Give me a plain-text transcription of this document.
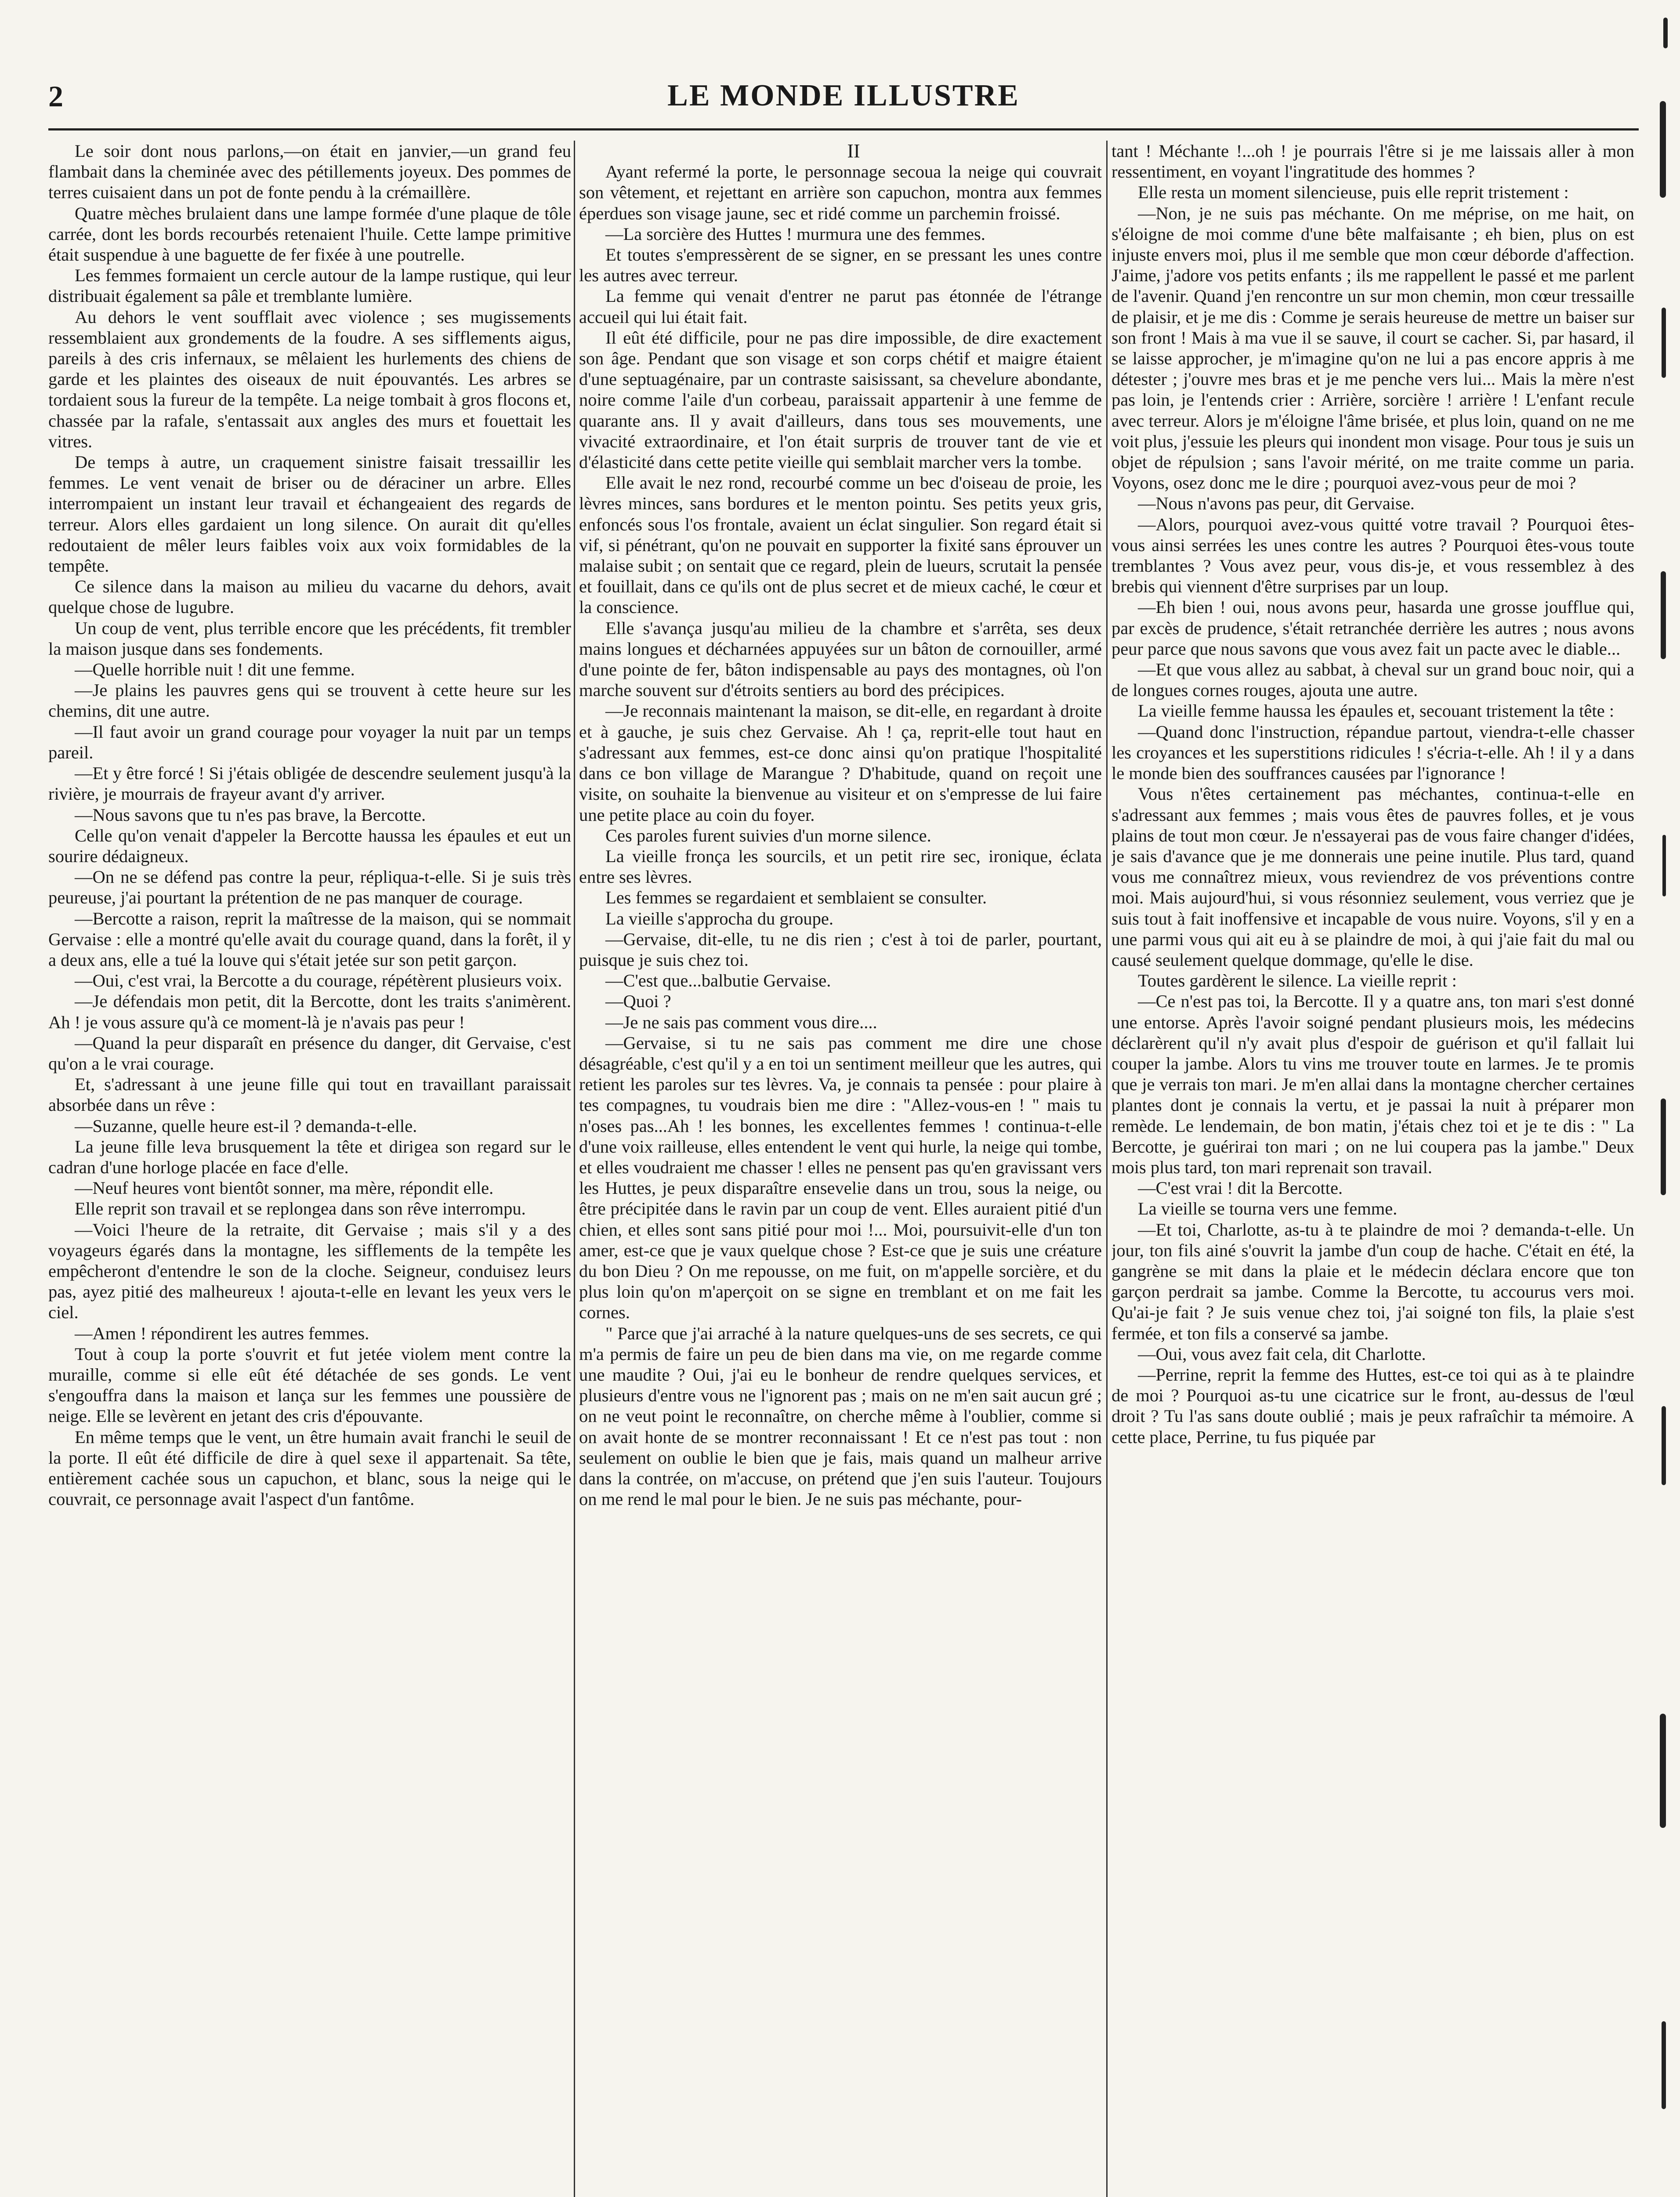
2	LE MONDE ILLUSTRE

Le soir dont nous parlons,—on était en janvier,—un grand feu flambait dans la cheminée avec des pétillements joyeux. Des pommes de terres cuisaient dans un pot de fonte pendu à la crémaillère.

Quatre mèches brulaient dans une lampe formée d'une plaque de tôle carrée, dont les bords recourbés retenaient l'huile. Cette lampe primitive était suspendue à une baguette de fer fixée à une poutrelle.

Les femmes formaient un cercle autour de la lampe rustique, qui leur distribuait également sa pâle et tremblante lumière.

Au dehors le vent soufflait avec violence ; ses mugissements ressemblaient aux grondements de la foudre. A ses sifflements aigus, pareils à des cris infernaux, se mêlaient les hurlements des chiens de garde et les plaintes des oiseaux de nuit épouvantés. Les arbres se tordaient sous la fureur de la tempête. La neige tombait à gros flocons et, chassée par la rafale, s'entassait aux angles des murs et fouettait les vitres.

De temps à autre, un craquement sinistre faisait tressaillir les femmes. Le vent venait de briser ou de déraciner un arbre. Elles interrompaient un instant leur travail et échangeaient des regards de terreur. Alors elles gardaient un long silence. On aurait dit qu'elles redoutaient de mêler leurs faibles voix aux voix formidables de la tempête.

Ce silence dans la maison au milieu du vacarne du dehors, avait quelque chose de lugubre.

Un coup de vent, plus terrible encore que les précédents, fit trembler la maison jusque dans ses fondements.

—Quelle horrible nuit ! dit une femme.

—Je plains les pauvres gens qui se trouvent à cette heure sur les chemins, dit une autre.

—Il faut avoir un grand courage pour voyager la nuit par un temps pareil.

—Et y être forcé ! Si j'étais obligée de descendre seulement jusqu'à la rivière, je mourrais de frayeur avant d'y arriver.

—Nous savons que tu n'es pas brave, la Bercotte.

Celle qu'on venait d'appeler la Bercotte haussa les épaules et eut un sourire dédaigneux.

—On ne se défend pas contre la peur, répliqua-t-elle. Si je suis très peureuse, j'ai pourtant la prétention de ne pas manquer de courage.

—Bercotte a raison, reprit la maîtresse de la maison, qui se nommait Gervaise : elle a montré qu'elle avait du courage quand, dans la forêt, il y a deux ans, elle a tué la louve qui s'était jetée sur son petit garçon.

—Oui, c'est vrai, la Bercotte a du courage, répétèrent plusieurs voix.

—Je défendais mon petit, dit la Bercotte, dont les traits s'animèrent. Ah ! je vous assure qu'à ce moment-là je n'avais pas peur !

—Quand la peur disparaît en présence du danger, dit Gervaise, c'est qu'on a le vrai courage.

Et, s'adressant à une jeune fille qui tout en travaillant paraissait absorbée dans un rêve :

—Suzanne, quelle heure est-il ? demanda-t-elle.

La jeune fille leva brusquement la tête et dirigea son regard sur le cadran d'une horloge placée en face d'elle.

—Neuf heures vont bientôt sonner, ma mère, répondit elle.

Elle reprit son travail et se replongea dans son rêve interrompu.

—Voici l'heure de la retraite, dit Gervaise ; mais s'il y a des voyageurs égarés dans la montagne, les sifflements de la tempête les empêcheront d'entendre le son de la cloche. Seigneur, conduisez leurs pas, ayez pitié des malheureux ! ajouta-t-elle en levant les yeux vers le ciel.

—Amen ! répondirent les autres femmes.

Tout à coup la porte s'ouvrit et fut jetée violem ment contre la muraille, comme si elle eût été détachée de ses gonds. Le vent s'engouffra dans la maison et lança sur les femmes une poussière de neige. Elle se levèrent en jetant des cris d'épouvante.

En même temps que le vent, un être humain avait franchi le seuil de la porte. Il eût été difficile de dire à quel sexe il appartenait. Sa tête, entièrement cachée sous un capuchon, et blanc, sous la neige qui le couvrait, ce personnage avait l'aspect d'un fantôme.

II

Ayant refermé la porte, le personnage secoua la neige qui couvrait son vêtement, et rejettant en arrière son capuchon, montra aux femmes éperdues son visage jaune, sec et ridé comme un parchemin froissé.

—La sorcière des Huttes ! murmura une des femmes.

Et toutes s'empressèrent de se signer, en se pressant les unes contre les autres avec terreur.

La femme qui venait d'entrer ne parut pas étonnée de l'étrange accueil qui lui était fait.

Il eût été difficile, pour ne pas dire impossible, de dire exactement son âge. Pendant que son visage et son corps chétif et maigre étaient d'une septuagénaire, par un contraste saisissant, sa chevelure abondante, noire comme l'aile d'un corbeau, paraissait appartenir à une femme de quarante ans. Il y avait d'ailleurs, dans tous ses mouvements, une vivacité extraordinaire, et l'on était surpris de trouver tant de vie et d'élasticité dans cette petite vieille qui semblait marcher vers la tombe.

Elle avait le nez rond, recourbé comme un bec d'oiseau de proie, les lèvres minces, sans bordures et le menton pointu. Ses petits yeux gris, enfoncés sous l'os frontale, avaient un éclat singulier. Son regard était si vif, si pénétrant, qu'on ne pouvait en supporter la fixité sans éprouver un malaise subit ; on sentait que ce regard, plein de lueurs, scrutait la pensée et fouillait, dans ce qu'ils ont de plus secret et de mieux caché, le cœur et la conscience.

Elle s'avança jusqu'au milieu de la chambre et s'arrêta, ses deux mains longues et décharnées appuyées sur un bâton de cornouiller, armé d'une pointe de fer, bâton indispensable au pays des montagnes, où l'on marche souvent sur d'étroits sentiers au bord des précipices.

—Je reconnais maintenant la maison, se dit-elle, en regardant à droite et à gauche, je suis chez Gervaise. Ah ! ça, reprit-elle tout haut en s'adressant aux femmes, est-ce donc ainsi qu'on pratique l'hospitalité dans ce bon village de Marangue ? D'habitude, quand on reçoit une visite, on souhaite la bienvenue au visiteur et on s'empresse de lui faire une petite place au coin du foyer.

Ces paroles furent suivies d'un morne silence.

La vieille fronça les sourcils, et un petit rire sec, ironique, éclata entre ses lèvres.

Les femmes se regardaient et semblaient se consulter.

La vieille s'approcha du groupe.

—Gervaise, dit-elle, tu ne dis rien ; c'est à toi de parler, pourtant, puisque je suis chez toi.

—C'est que...balbutie Gervaise.

—Quoi ?

—Je ne sais pas comment vous dire....

—Gervaise, si tu ne sais pas comment me dire une chose désagréable, c'est qu'il y a en toi un sentiment meilleur que les autres, qui retient les paroles sur tes lèvres. Va, je connais ta pensée : pour plaire à tes compagnes, tu voudrais bien me dire : "Allez-vous-en ! " mais tu n'oses pas...Ah ! les bonnes, les excellentes femmes ! continua-t-elle d'une voix railleuse, elles entendent le vent qui hurle, la neige qui tombe, et elles voudraient me chasser ! elles ne pensent pas qu'en gravissant vers les Huttes, je peux disparaître ensevelie dans un trou, sous la neige, ou être précipitée dans le ravin par un coup de vent. Elles auraient pitié d'un chien, et elles sont sans pitié pour moi !... Moi, poursuivit-elle d'un ton amer, est-ce que je vaux quelque chose ? Est-ce que je suis une créature du bon Dieu ? On me repousse, on me fuit, on m'appelle sorcière, et du plus loin qu'on m'aperçoit on se signe en tremblant et on me fait les cornes.

" Parce que j'ai arraché à la nature quelques-uns de ses secrets, ce qui m'a permis de faire un peu de bien dans ma vie, on me regarde comme une maudite ? Oui, j'ai eu le bonheur de rendre quelques services, et plusieurs d'entre vous ne l'ignorent pas ; mais on ne m'en sait aucun gré ; on ne veut point le reconnaître, on cherche même à l'oublier, comme si on avait honte de se montrer reconnaissant ! Et ce n'est pas tout : non seulement on oublie le bien que je fais, mais quand un malheur arrive dans la contrée, on m'accuse, on prétend que j'en suis l'auteur. Toujours on me rend le mal pour le bien. Je ne suis pas méchante, pour-

tant ! Méchante !...oh ! je pourrais l'être si je me laissais aller à mon ressentiment, en voyant l'ingratitude des hommes ?

Elle resta un moment silencieuse, puis elle reprit tristement :

—Non, je ne suis pas méchante. On me méprise, on me hait, on s'éloigne de moi comme d'une bête malfaisante ; eh bien, plus on est injuste envers moi, plus il me semble que mon cœur déborde d'affection. J'aime, j'adore vos petits enfants ; ils me rappellent le passé et me parlent de l'avenir. Quand j'en rencontre un sur mon chemin, mon cœur tressaille de plaisir, et je me dis : Comme je serais heureuse de mettre un baiser sur son front ! Mais à ma vue il se sauve, il court se cacher. Si, par hasard, il se laisse approcher, je m'imagine qu'on ne lui a pas encore appris à me détester ; j'ouvre mes bras et je me penche vers lui... Mais la mère n'est pas loin, je l'entends crier : Arrière, sorcière ! arrière ! L'enfant recule avec terreur. Alors je m'éloigne l'âme brisée, et plus loin, quand on ne me voit plus, j'essuie les pleurs qui inondent mon visage. Pour tous je suis un objet de répulsion ; sans l'avoir mérité, on me traite comme un paria. Voyons, osez donc me le dire ; pourquoi avez-vous peur de moi ?

—Nous n'avons pas peur, dit Gervaise.

—Alors, pourquoi avez-vous quitté votre travail ? Pourquoi êtes-vous ainsi serrées les unes contre les autres ? Pourquoi êtes-vous toute tremblantes ? Vous avez peur, vous dis-je, et vous ressemblez à des brebis qui viennent d'être surprises par un loup.

—Eh bien ! oui, nous avons peur, hasarda une grosse joufflue qui, par excès de prudence, s'était retranchée derrière les autres ; nous avons peur parce que nous savons que vous avez fait un pacte avec le diable...

—Et que vous allez au sabbat, à cheval sur un grand bouc noir, qui a de longues cornes rouges, ajouta une autre.

La vieille femme haussa les épaules et, secouant tristement la tête :

—Quand donc l'instruction, répandue partout, viendra-t-elle chasser les croyances et les superstitions ridicules ! s'écria-t-elle. Ah ! il y a dans le monde bien des souffrances causées par l'ignorance !

Vous n'êtes certainement pas méchantes, continua-t-elle en s'adressant aux femmes ; mais vous êtes de pauvres folles, et je vous plains de tout mon cœur. Je n'essayerai pas de vous faire changer d'idées, je sais d'avance que je me donnerais une peine inutile. Plus tard, quand vous me connaîtrez mieux, vous reviendrez de vos préventions contre moi. Mais aujourd'hui, si vous résonniez seulement, vous verriez que je suis tout à fait inoffensive et incapable de vous nuire. Voyons, s'il y en a une parmi vous qui ait eu à se plaindre de moi, à qui j'aie fait du mal ou causé seulement quelque dommage, qu'elle le dise.

Toutes gardèrent le silence. La vieille reprit :

—Ce n'est pas toi, la Bercotte. Il y a quatre ans, ton mari s'est donné une entorse. Après l'avoir soigné pendant plusieurs mois, les médecins déclarèrent qu'il n'y avait plus d'espoir de guérison et qu'il fallait lui couper la jambe. Alors tu vins me trouver toute en larmes. Je te promis que je verrais ton mari. Je m'en allai dans la montagne chercher certaines plantes dont je connais la vertu, et je passai la nuit à préparer mon remède. Le lendemain, de bon matin, j'étais chez toi et je te dis : " La Bercotte, je guérirai ton mari ; on ne lui coupera pas la jambe." Deux mois plus tard, ton mari reprenait son travail.

—C'est vrai ! dit la Bercotte.

La vieille se tourna vers une femme.

—Et toi, Charlotte, as-tu à te plaindre de moi ? demanda-t-elle. Un jour, ton fils ainé s'ouvrit la jambe d'un coup de hache. C'était en été, la gangrène se mit dans la plaie et le médecin déclara encore que ton garçon perdrait sa jambe. Comme la Bercotte, tu accourus vers moi. Qu'ai-je fait ? Je suis venue chez toi, j'ai soigné ton fils, la plaie s'est fermée, et ton fils a conservé sa jambe.

—Oui, vous avez fait cela, dit Charlotte.

—Perrine, reprit la femme des Huttes, est-ce toi qui as à te plaindre de moi ? Pourquoi as-tu une cicatrice sur le front, au-dessus de l'œul droit ? Tu l'as sans doute oublié ; mais je peux rafraîchir ta mémoire. A cette place, Perrine, tu fus piquée par
